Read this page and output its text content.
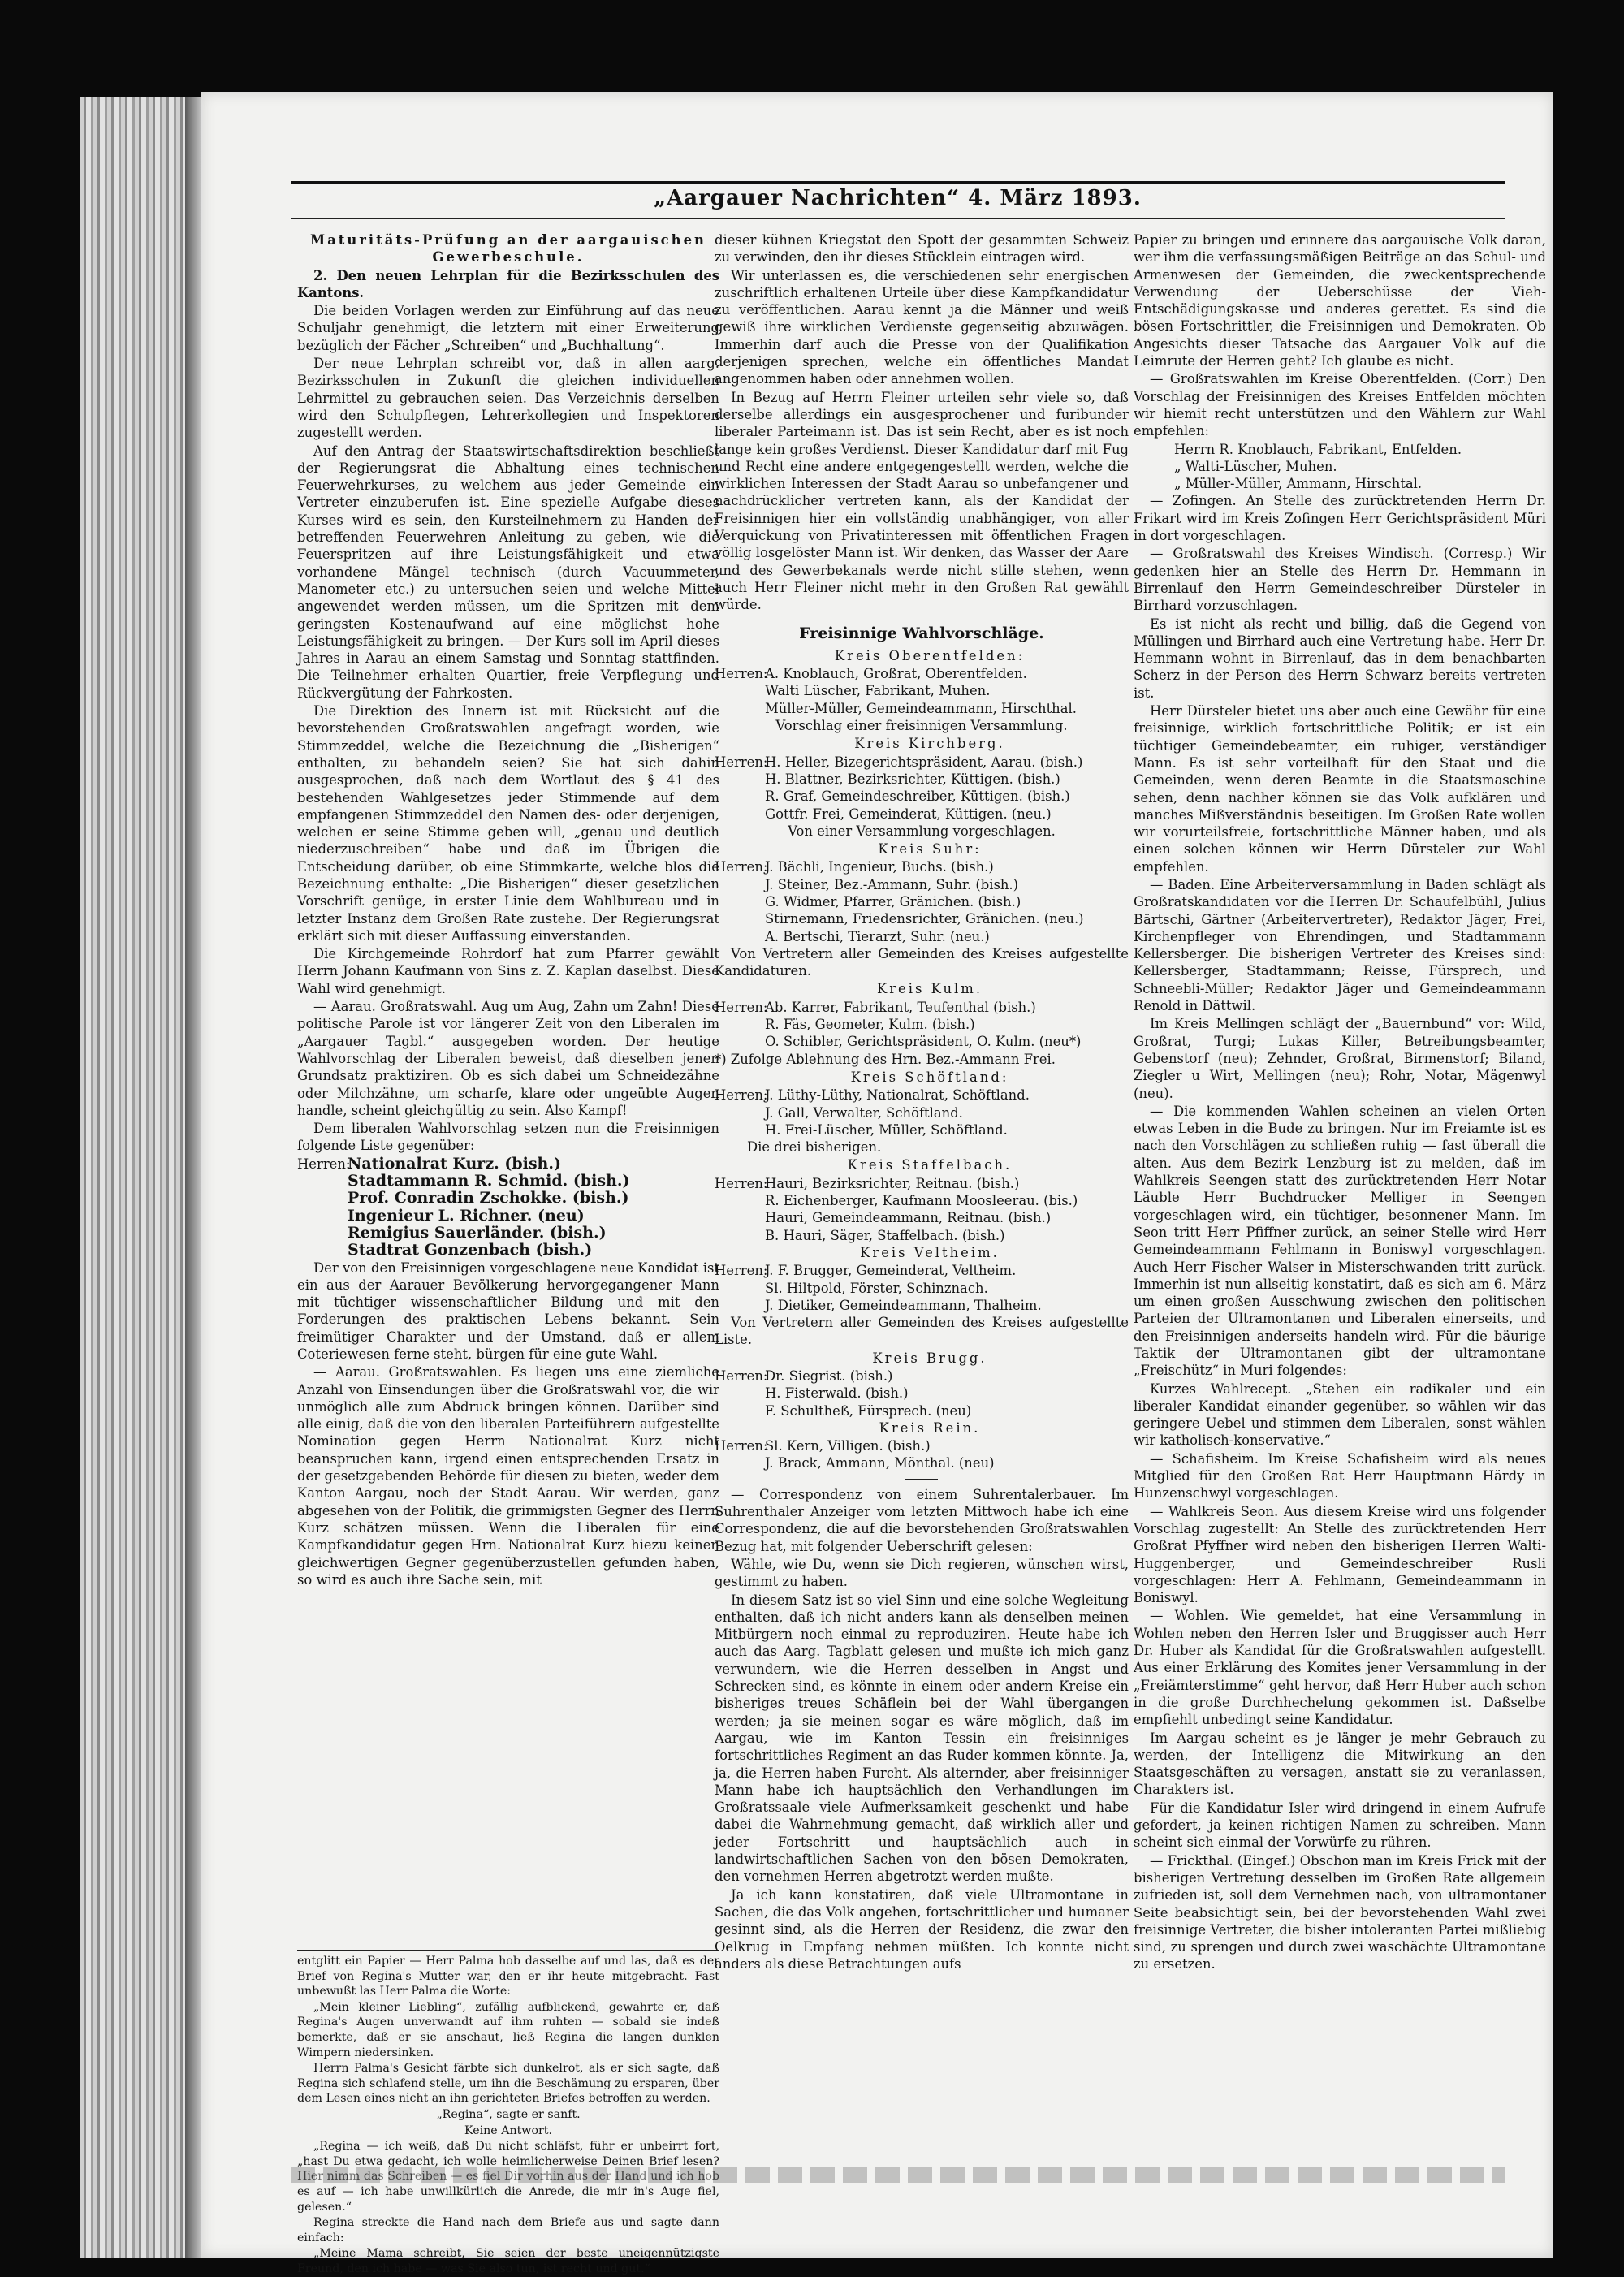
„Aargauer Nachrichten“ 4. März 1893.

Maturitäts-Prüfung an der aargauischen Gewerbeschule.

2. Den neuen Lehrplan für die Bezirksschulen des Kantons.

Die beiden Vorlagen werden zur Einführung auf das neue Schuljahr genehmigt, die letztern mit einer Erweiterung bezüglich der Fächer „Schreiben“ und „Buchhaltung“.

Der neue Lehrplan schreibt vor, daß in allen aarg. Bezirksschulen in Zukunft die gleichen individuellen Lehrmittel zu gebrauchen seien. Das Verzeichnis derselben wird den Schulpflegen, Lehrerkollegien und Inspektoren zugestellt werden.

Auf den Antrag der Staatswirtschaftsdirektion beschließt der Regierungsrat die Abhaltung eines technischen Feuerwehrkurses, zu welchem aus jeder Gemeinde ein Vertreter einzuberufen ist. Eine spezielle Aufgabe dieses Kurses wird es sein, den Kursteilnehmern zu Handen der betreffenden Feuerwehren Anleitung zu geben, wie die Feuerspritzen auf ihre Leistungsfähigkeit und etwa vorhandene Mängel technisch (durch Vacuummeter, Manometer etc.) zu untersuchen seien und welche Mittel angewendet werden müssen, um die Spritzen mit dem geringsten Kostenaufwand auf eine möglichst hohe Leistungsfähigkeit zu bringen. — Der Kurs soll im April dieses Jahres in Aarau an einem Samstag und Sonntag stattfinden. Die Teilnehmer erhalten Quartier, freie Verpflegung und Rückvergütung der Fahrkosten.

Die Direktion des Innern ist mit Rücksicht auf die bevorstehenden Großratswahlen angefragt worden, wie Stimmzeddel, welche die Bezeichnung die „Bisherigen“ enthalten, zu behandeln seien? Sie hat sich dahin ausgesprochen, daß nach dem Wortlaut des § 41 des bestehenden Wahlgesetzes jeder Stimmende auf dem empfangenen Stimmzeddel den Namen des- oder derjenigen, welchen er seine Stimme geben will, „genau und deutlich niederzuschreiben“ habe und daß im Übrigen die Entscheidung darüber, ob eine Stimmkarte, welche blos die Bezeichnung enthalte: „Die Bisherigen“ dieser gesetzlichen Vorschrift genüge, in erster Linie dem Wahlbureau und in letzter Instanz dem Großen Rate zustehe. Der Regierungsrat erklärt sich mit dieser Auffassung einverstanden.

Die Kirchgemeinde Rohrdorf hat zum Pfarrer gewählt Herrn Johann Kaufmann von Sins z. Z. Kaplan daselbst. Diese Wahl wird genehmigt.

— Aarau. Großratswahl. Aug um Aug, Zahn um Zahn! Diese politische Parole ist vor längerer Zeit von den Liberalen im „Aargauer Tagbl.“ ausgegeben worden. Der heutige Wahlvorschlag der Liberalen beweist, daß dieselben jenen Grundsatz praktiziren. Ob es sich dabei um Schneidezähne oder Milchzähne, um scharfe, klare oder ungeübte Augen handle, scheint gleichgültig zu sein. Also Kampf!

Dem liberalen Wahlvorschlag setzen nun die Freisinnigen folgende Liste gegenüber:

Herren:
Nationalrat Kurz. (bish.)
Stadtammann R. Schmid. (bish.)
Prof. Conradin Zschokke. (bish.)
Ingenieur L. Richner. (neu)
Remigius Sauerländer. (bish.)
Stadtrat Gonzenbach (bish.)

Der von den Freisinnigen vorgeschlagene neue Kandidat ist ein aus der Aarauer Bevölkerung hervorgegangener Mann mit tüchtiger wissenschaftlicher Bildung und mit den Forderungen des praktischen Lebens bekannt. Sein freimütiger Charakter und der Umstand, daß er allem Coteriewesen ferne steht, bürgen für eine gute Wahl.

— Aarau. Großratswahlen. Es liegen uns eine ziemliche Anzahl von Einsendungen über die Großratswahl vor, die wir unmöglich alle zum Abdruck bringen können. Darüber sind alle einig, daß die von den liberalen Parteiführern aufgestellte Nomination gegen Herrn Nationalrat Kurz nicht beanspruchen kann, irgend einen entsprechenden Ersatz in der gesetzgebenden Behörde für diesen zu bieten, weder dem Kanton Aargau, noch der Stadt Aarau. Wir werden, ganz abgesehen von der Politik, die grimmigsten Gegner des Herrn Kurz schätzen müssen. Wenn die Liberalen für eine Kampfkandidatur gegen Hrn. Nationalrat Kurz hiezu keinen gleichwertigen Gegner gegenüberzustellen gefunden haben, so wird es auch ihre Sache sein, mit

entglitt ein Papier — Herr Palma hob dasselbe auf und las, daß es der Brief von Regina's Mutter war, den er ihr heute mitgebracht. Fast unbewußt las Herr Palma die Worte:

„Mein kleiner Liebling“, zufällig aufblickend, gewahrte er, daß Regina's Augen unverwandt auf ihm ruhten — sobald sie indeß bemerkte, daß er sie anschaut, ließ Regina die langen dunklen Wimpern niedersinken.

Herrn Palma's Gesicht färbte sich dunkelrot, als er sich sagte, daß Regina sich schlafend stelle, um ihn die Beschämung zu ersparen, über dem Lesen eines nicht an ihn gerichteten Briefes betroffen zu werden.

„Regina“, sagte er sanft.

Keine Antwort.

„Regina — ich weiß, daß Du nicht schläfst, führ er unbeirrt fort, „hast Du etwa gedacht, ich wolle heimlicherweise Deinen Brief lesen? Hier nimm das Schreiben — es fiel Dir vorhin aus der Hand und ich hob es auf — ich habe unwillkürlich die Anrede, die mir in's Auge fiel, gelesen.“

Regina streckte die Hand nach dem Briefe aus und sagte dann einfach:

„Meine Mama schreibt, Sie seien der beste uneigennützigste Freund, den ich habe — was Sie also tun, ist recht und gut.“

dieser kühnen Kriegstat den Spott der gesammten Schweiz zu verwinden, den ihr dieses Stücklein eintragen wird.

Wir unterlassen es, die verschiedenen sehr energischen zuschriftlich erhaltenen Urteile über diese Kampfkandidatur zu veröffentlichen. Aarau kennt ja die Männer und weiß gewiß ihre wirklichen Verdienste gegenseitig abzuwägen. Immerhin darf auch die Presse von der Qualifikation derjenigen sprechen, welche ein öffentliches Mandat angenommen haben oder annehmen wollen.

In Bezug auf Herrn Fleiner urteilen sehr viele so, daß derselbe allerdings ein ausgesprochener und furibunder liberaler Parteimann ist. Das ist sein Recht, aber es ist noch lange kein großes Verdienst. Dieser Kandidatur darf mit Fug und Recht eine andere entgegengestellt werden, welche die wirklichen Interessen der Stadt Aarau so unbefangener und nachdrücklicher vertreten kann, als der Kandidat der Freisinnigen hier ein vollständig unabhängiger, von aller Verquickung von Privatinteressen mit öffentlichen Fragen völlig losgelöster Mann ist. Wir denken, das Wasser der Aare und des Gewerbekanals werde nicht stille stehen, wenn auch Herr Fleiner nicht mehr in den Großen Rat gewählt würde.

Freisinnige Wahlvorschläge.

Kreis Oberentfelden:

Herren:
A. Knoblauch, Großrat, Oberentfelden.
Walti Lüscher, Fabrikant, Muhen.
Müller-Müller, Gemeindeammann, Hirschthal.

Vorschlag einer freisinnigen Versammlung.

Kreis Kirchberg.

Herren:
H. Heller, Bizegerichtspräsident, Aarau. (bish.)
H. Blattner, Bezirksrichter, Küttigen. (bish.)
R. Graf, Gemeindeschreiber, Küttigen. (bish.)
Gottfr. Frei, Gemeinderat, Küttigen. (neu.)

Von einer Versammlung vorgeschlagen.

Kreis Suhr:

Herren:
J. Bächli, Ingenieur, Buchs. (bish.)
J. Steiner, Bez.-Ammann, Suhr. (bish.)
G. Widmer, Pfarrer, Gränichen. (bish.)
Stirnemann, Friedensrichter, Gränichen. (neu.)
A. Bertschi, Tierarzt, Suhr. (neu.)

Von Vertretern aller Gemeinden des Kreises aufgestellte Kandidaturen.

Kreis Kulm.

Herren:
Ab. Karrer, Fabrikant, Teufenthal (bish.)
R. Fäs, Geometer, Kulm. (bish.)
O. Schibler, Gerichtspräsident, O. Kulm. (neu*)

*) Zufolge Ablehnung des Hrn. Bez.-Ammann Frei.

Kreis Schöftland:

Herren:
J. Lüthy-Lüthy, Nationalrat, Schöftland.
J. Gall, Verwalter, Schöftland.
H. Frei-Lüscher, Müller, Schöftland.

Die drei bisherigen.

Kreis Staffelbach.

Herren:
Hauri, Bezirksrichter, Reitnau. (bish.)
R. Eichenberger, Kaufmann Moosleerau. (bis.)
Hauri, Gemeindeammann, Reitnau. (bish.)
B. Hauri, Säger, Staffelbach. (bish.)

Kreis Veltheim.

Herren:
J. F. Brugger, Gemeinderat, Veltheim.
Sl. Hiltpold, Förster, Schinznach.
J. Dietiker, Gemeindeammann, Thalheim.

Von Vertretern aller Gemeinden des Kreises aufgestellte Liste.

Kreis Brugg.

Herren:
Dr. Siegrist. (bish.)
H. Fisterwald. (bish.)
F. Schultheß, Fürsprech. (neu)

Kreis Rein.

Herren:
Sl. Kern, Villigen. (bish.)
J. Brack, Ammann, Mönthal. (neu)

— Correspondenz von einem Suhrentalerbauer. Im Suhrenthaler Anzeiger vom letzten Mittwoch habe ich eine Correspondenz, die auf die bevorstehenden Großratswahlen Bezug hat, mit folgender Ueberschrift gelesen:

Wähle, wie Du, wenn sie Dich regieren, wünschen wirst, gestimmt zu haben.

In diesem Satz ist so viel Sinn und eine solche Wegleitung enthalten, daß ich nicht anders kann als denselben meinen Mitbürgern noch einmal zu reproduziren. Heute habe ich auch das Aarg. Tagblatt gelesen und mußte ich mich ganz verwundern, wie die Herren desselben in Angst und Schrecken sind, es könnte in einem oder andern Kreise ein bisheriges treues Schäflein bei der Wahl übergangen werden; ja sie meinen sogar es wäre möglich, daß im Aargau, wie im Kanton Tessin ein freisinniges fortschrittliches Regiment an das Ruder kommen könnte. Ja, ja, die Herren haben Furcht. Als alternder, aber freisinniger Mann habe ich hauptsächlich den Verhandlungen im Großratssaale viele Aufmerksamkeit geschenkt und habe dabei die Wahrnehmung gemacht, daß wirklich aller und jeder Fortschritt und hauptsächlich auch in landwirtschaftlichen Sachen von den bösen Demokraten, den vornehmen Herren abgetrotzt werden mußte.

Ja ich kann konstatiren, daß viele Ultramontane in Sachen, die das Volk angehen, fortschrittlicher und humaner gesinnt sind, als die Herren der Residenz, die zwar den Oelkrug in Empfang nehmen müßten. Ich konnte nicht anders als diese Betrachtungen aufs

Papier zu bringen und erinnere das aargauische Volk daran, wer ihm die verfassungsmäßigen Beiträge an das Schul- und Armenwesen der Gemeinden, die zweckentsprechende Verwendung der Ueberschüsse der Vieh-Entschädigungskasse und anderes gerettet. Es sind die bösen Fortschrittler, die Freisinnigen und Demokraten. Ob Angesichts dieser Tatsache das Aargauer Volk auf die Leimrute der Herren geht? Ich glaube es nicht.

— Großratswahlen im Kreise Oberentfelden. (Corr.) Den Vorschlag der Freisinnigen des Kreises Entfelden möchten wir hiemit recht unterstützen und den Wählern zur Wahl empfehlen:

Herrn R. Knoblauch, Fabrikant, Entfelden.
„ Walti-Lüscher, Muhen.
„ Müller-Müller, Ammann, Hirschtal.

— Zofingen. An Stelle des zurücktretenden Herrn Dr. Frikart wird im Kreis Zofingen Herr Gerichtspräsident Müri in dort vorgeschlagen.

— Großratswahl des Kreises Windisch. (Corresp.) Wir gedenken hier an Stelle des Herrn Dr. Hemmann in Birrenlauf den Herrn Gemeindeschreiber Dürsteler in Birrhard vorzuschlagen.

Es ist nicht als recht und billig, daß die Gegend von Müllingen und Birrhard auch eine Vertretung habe. Herr Dr. Hemmann wohnt in Birrenlauf, das in dem benachbarten Scherz in der Person des Herrn Schwarz bereits vertreten ist.

Herr Dürsteler bietet uns aber auch eine Gewähr für eine freisinnige, wirklich fortschrittliche Politik; er ist ein tüchtiger Gemeindebeamter, ein ruhiger, verständiger Mann. Es ist sehr vorteilhaft für den Staat und die Gemeinden, wenn deren Beamte in die Staatsmaschine sehen, denn nachher können sie das Volk aufklären und manches Mißverständnis beseitigen. Im Großen Rate wollen wir vorurteilsfreie, fortschrittliche Männer haben, und als einen solchen können wir Herrn Dürsteler zur Wahl empfehlen.

— Baden. Eine Arbeiterversammlung in Baden schlägt als Großratskandidaten vor die Herren Dr. Schaufelbühl, Julius Bärtschi, Gärtner (Arbeitervertreter), Redaktor Jäger, Frei, Kirchenpfleger von Ehrendingen, und Stadtammann Kellersberger. Die bisherigen Vertreter des Kreises sind: Kellersberger, Stadtammann; Reisse, Fürsprech, und Schneebli-Müller; Redaktor Jäger und Gemeindeammann Renold in Dättwil.

Im Kreis Mellingen schlägt der „Bauernbund“ vor: Wild, Großrat, Turgi; Lukas Killer, Betreibungsbeamter, Gebenstorf (neu); Zehnder, Großrat, Birmenstorf; Biland, Ziegler u Wirt, Mellingen (neu); Rohr, Notar, Mägenwyl (neu).

— Die kommenden Wahlen scheinen an vielen Orten etwas Leben in die Bude zu bringen. Nur im Freiamte ist es nach den Vorschlägen zu schließen ruhig — fast überall die alten. Aus dem Bezirk Lenzburg ist zu melden, daß im Wahlkreis Seengen statt des zurücktretenden Herr Notar Läuble Herr Buchdrucker Melliger in Seengen vorgeschlagen wird, ein tüchtiger, besonnener Mann. Im Seon tritt Herr Pfiffner zurück, an seiner Stelle wird Herr Gemeindeammann Fehlmann in Boniswyl vorgeschlagen. Auch Herr Fischer Walser in Misterschwanden tritt zurück. Immerhin ist nun allseitig konstatirt, daß es sich am 6. März um einen großen Ausschwung zwischen den politischen Parteien der Ultramontanen und Liberalen einerseits, und den Freisinnigen anderseits handeln wird. Für die bäurige Taktik der Ultramontanen gibt der ultramontane „Freischütz“ in Muri folgendes:

Kurzes Wahlrecept. „Stehen ein radikaler und ein liberaler Kandidat einander gegenüber, so wählen wir das geringere Uebel und stimmen dem Liberalen, sonst wählen wir katholisch-konservative.“

— Schafisheim. Im Kreise Schafisheim wird als neues Mitglied für den Großen Rat Herr Hauptmann Härdy in Hunzenschwyl vorgeschlagen.

— Wahlkreis Seon. Aus diesem Kreise wird uns folgender Vorschlag zugestellt: An Stelle des zurücktretenden Herr Großrat Pfyffner wird neben den bisherigen Herren Walti-Huggenberger, und Gemeindeschreiber Rusli vorgeschlagen: Herr A. Fehlmann, Gemeindeammann in Boniswyl.

— Wohlen. Wie gemeldet, hat eine Versammlung in Wohlen neben den Herren Isler und Bruggisser auch Herr Dr. Huber als Kandidat für die Großratswahlen aufgestellt. Aus einer Erklärung des Komites jener Versammlung in der „Freiämterstimme“ geht hervor, daß Herr Huber auch schon in die große Durchhechelung gekommen ist. Daßselbe empfiehlt unbedingt seine Kandidatur.

Im Aargau scheint es je länger je mehr Gebrauch zu werden, der Intelligenz die Mitwirkung an den Staatsgeschäften zu versagen, anstatt sie zu veranlassen, Charakters ist.

Für die Kandidatur Isler wird dringend in einem Aufrufe gefordert, ja keinen richtigen Namen zu schreiben. Mann scheint sich einmal der Vorwürfe zu rühren.

— Frickthal. (Eingef.) Obschon man im Kreis Frick mit der bisherigen Vertretung desselben im Großen Rate allgemein zufrieden ist, soll dem Vernehmen nach, von ultramontaner Seite beabsichtigt sein, bei der bevorstehenden Wahl zwei freisinnige Vertreter, die bisher intoleranten Partei mißliebig sind, zu sprengen und durch zwei waschächte Ultramontane zu ersetzen.
